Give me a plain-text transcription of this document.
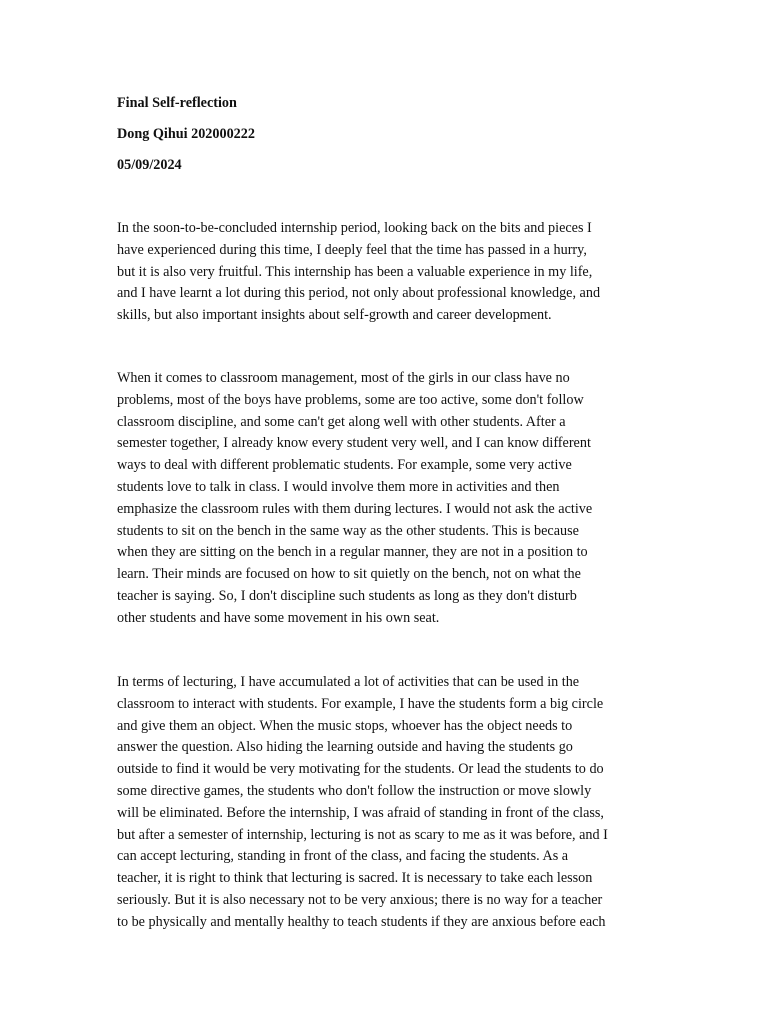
Final Self-reflection
Dong Qihui 202000222
05/09/2024
In the soon-to-be-concluded internship period, looking back on the bits and pieces I
have experienced during this time, I deeply feel that the time has passed in a hurry,
but it is also very fruitful. This internship has been a valuable experience in my life,
and I have learnt a lot during this period, not only about professional knowledge, and
skills, but also important insights about self-growth and career development.
When it comes to classroom management, most of the girls in our class have no
problems, most of the boys have problems, some are too active, some don't follow
classroom discipline, and some can't get along well with other students. After a
semester together, I already know every student very well, and I can know different
ways to deal with different problematic students. For example, some very active
students love to talk in class. I would involve them more in activities and then
emphasize the classroom rules with them during lectures. I would not ask the active
students to sit on the bench in the same way as the other students. This is because
when they are sitting on the bench in a regular manner, they are not in a position to
learn. Their minds are focused on how to sit quietly on the bench, not on what the
teacher is saying. So, I don't discipline such students as long as they don't disturb
other students and have some movement in his own seat.
In terms of lecturing, I have accumulated a lot of activities that can be used in the
classroom to interact with students. For example, I have the students form a big circle
and give them an object. When the music stops, whoever has the object needs to
answer the question. Also hiding the learning outside and having the students go
outside to find it would be very motivating for the students. Or lead the students to do
some directive games, the students who don't follow the instruction or move slowly
will be eliminated. Before the internship, I was afraid of standing in front of the class,
but after a semester of internship, lecturing is not as scary to me as it was before, and I
can accept lecturing, standing in front of the class, and facing the students. As a
teacher, it is right to think that lecturing is sacred. It is necessary to take each lesson
seriously. But it is also necessary not to be very anxious; there is no way for a teacher
to be physically and mentally healthy to teach students if they are anxious before each
